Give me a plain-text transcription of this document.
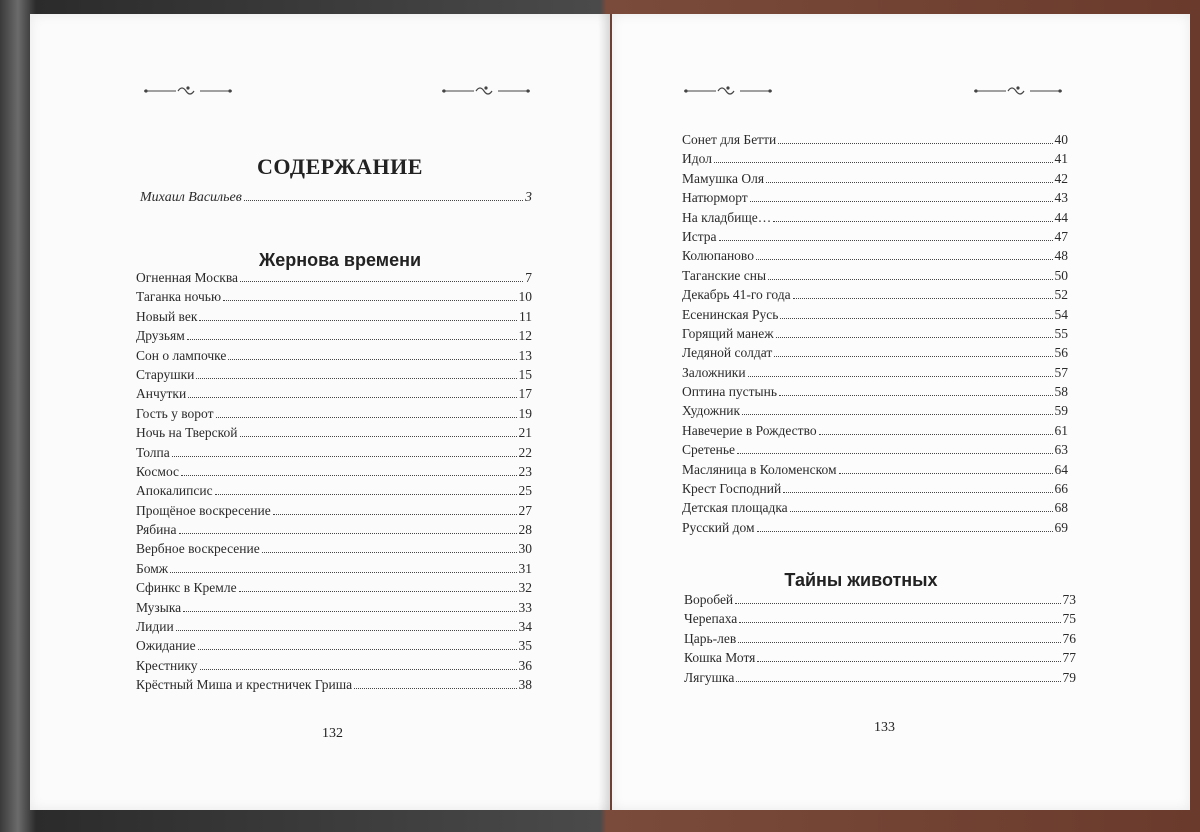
СОДЕРЖАНИЕ
Михаил Васильев	3
Жернова времени
Огненная Москва	7
Таганка ночью	10
Новый век	11
Друзьям	12
Сон о лампочке	13
Старушки	15
Анчутки	17
Гость у ворот	19
Ночь на Тверской	21
Толпа	22
Космос	23
Апокалипсис	25
Прощёное воскресение	27
Рябина	28
Вербное воскресение	30
Бомж	31
Сфинкс в Кремле	32
Музыка	33
Лидии	34
Ожидание	35
Крестнику	36
Крёстный Миша и крестничек Гриша	38
132
Сонет для Бетти	40
Идол	41
Мамушка Оля	42
Натюрморт	43
На кладбище…	44
Истра	47
Колюпаново	48
Таганские сны	50
Декабрь 41-го года	52
Есенинская Русь	54
Горящий манеж	55
Ледяной солдат	56
Заложники	57
Оптина пустынь	58
Художник	59
Навечерие в Рождество	61
Сретенье	63
Масляница в Коломенском	64
Крест Господний	66
Детская площадка	68
Русский дом	69
Тайны животных
Воробей	73
Черепаха	75
Царь-лев	76
Кошка Мотя	77
Лягушка	79
133
